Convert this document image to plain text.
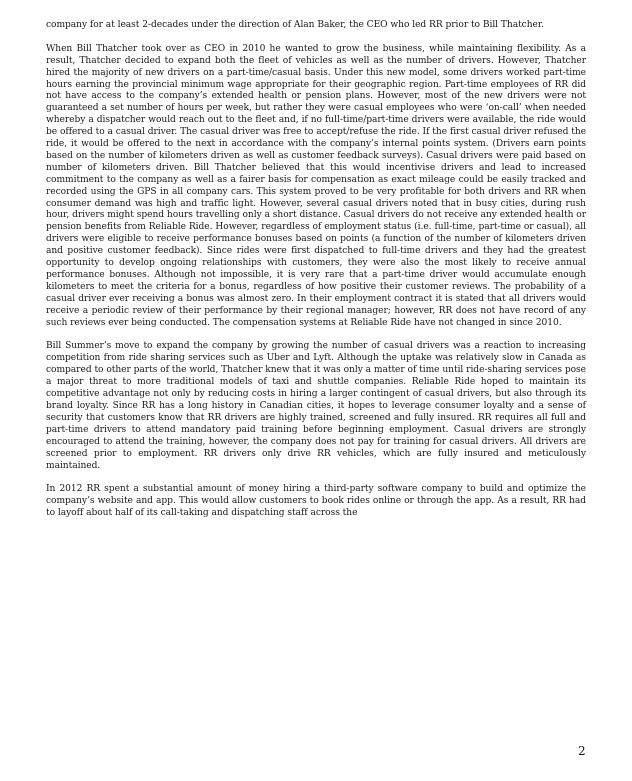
company for at least 2-decades under the direction of Alan Baker, the CEO who led RR prior to Bill Thatcher.

When Bill Thatcher took over as CEO in 2010 he wanted to grow the business, while maintaining flexibility. As a result, Thatcher decided to expand both the fleet of vehicles as well as the number of drivers. However, Thatcher hired the majority of new drivers on a part-time/casual basis. Under this new model, some drivers worked part-time hours earning the provincial minimum wage appropriate for their geographic region. Part-time employees of RR did not have access to the company’s extended health or pension plans. However, most of the new drivers were not guaranteed a set number of hours per week, but rather they were casual employees who were ‘on-call’ when needed whereby a dispatcher would reach out to the fleet and, if no full-time/part-time drivers were available, the ride would be offered to a casual driver. The casual driver was free to accept/refuse the ride. If the first casual driver refused the ride, it would be offered to the next in accordance with the company’s internal points system. (Drivers earn points based on the number of kilometers driven as well as customer feedback surveys). Casual drivers were paid based on number of kilometers driven. Bill Thatcher believed that this would incentivise drivers and lead to increased commitment to the company as well as a fairer basis for compensation as exact mileage could be easily tracked and recorded using the GPS in all company cars. This system proved to be very profitable for both drivers and RR when consumer demand was high and traffic light. However, several casual drivers noted that in busy cities, during rush hour, drivers might spend hours travelling only a short distance. Casual drivers do not receive any extended health or pension benefits from Reliable Ride. However, regardless of employment status (i.e. full-time, part-time or casual), all drivers were eligible to receive performance bonuses based on points (a function of the number of kilometers driven and positive customer feedback). Since rides were first dispatched to full-time drivers and they had the greatest opportunity to develop ongoing relationships with customers, they were also the most likely to receive annual performance bonuses. Although not impossible, it is very rare that a part-time driver would accumulate enough kilometers to meet the criteria for a bonus, regardless of how positive their customer reviews. The probability of a casual driver ever receiving a bonus was almost zero. In their employment contract it is stated that all drivers would receive a periodic review of their performance by their regional manager; however, RR does not have record of any such reviews ever being conducted. The compensation systems at Reliable Ride have not changed in since 2010.

Bill Summer’s move to expand the company by growing the number of casual drivers was a reaction to increasing competition from ride sharing services such as Uber and Lyft. Although the uptake was relatively slow in Canada as compared to other parts of the world, Thatcher knew that it was only a matter of time until ride-sharing services pose a major threat to more traditional models of taxi and shuttle companies. Reliable Ride hoped to maintain its competitive advantage not only by reducing costs in hiring a larger contingent of casual drivers, but also through its brand loyalty. Since RR has a long history in Canadian cities, it hopes to leverage consumer loyalty and a sense of security that customers know that RR drivers are highly trained, screened and fully insured. RR requires all full and part-time drivers to attend mandatory paid training before beginning employment. Casual drivers are strongly encouraged to attend the training, however, the company does not pay for training for casual drivers. All drivers are screened prior to employment. RR drivers only drive RR vehicles, which are fully insured and meticulously maintained.

In 2012 RR spent a substantial amount of money hiring a third-party software company to build and optimize the company’s website and app. This would allow customers to book rides online or through the app. As a result, RR had to layoff about half of its call-taking and dispatching staff across the

2
